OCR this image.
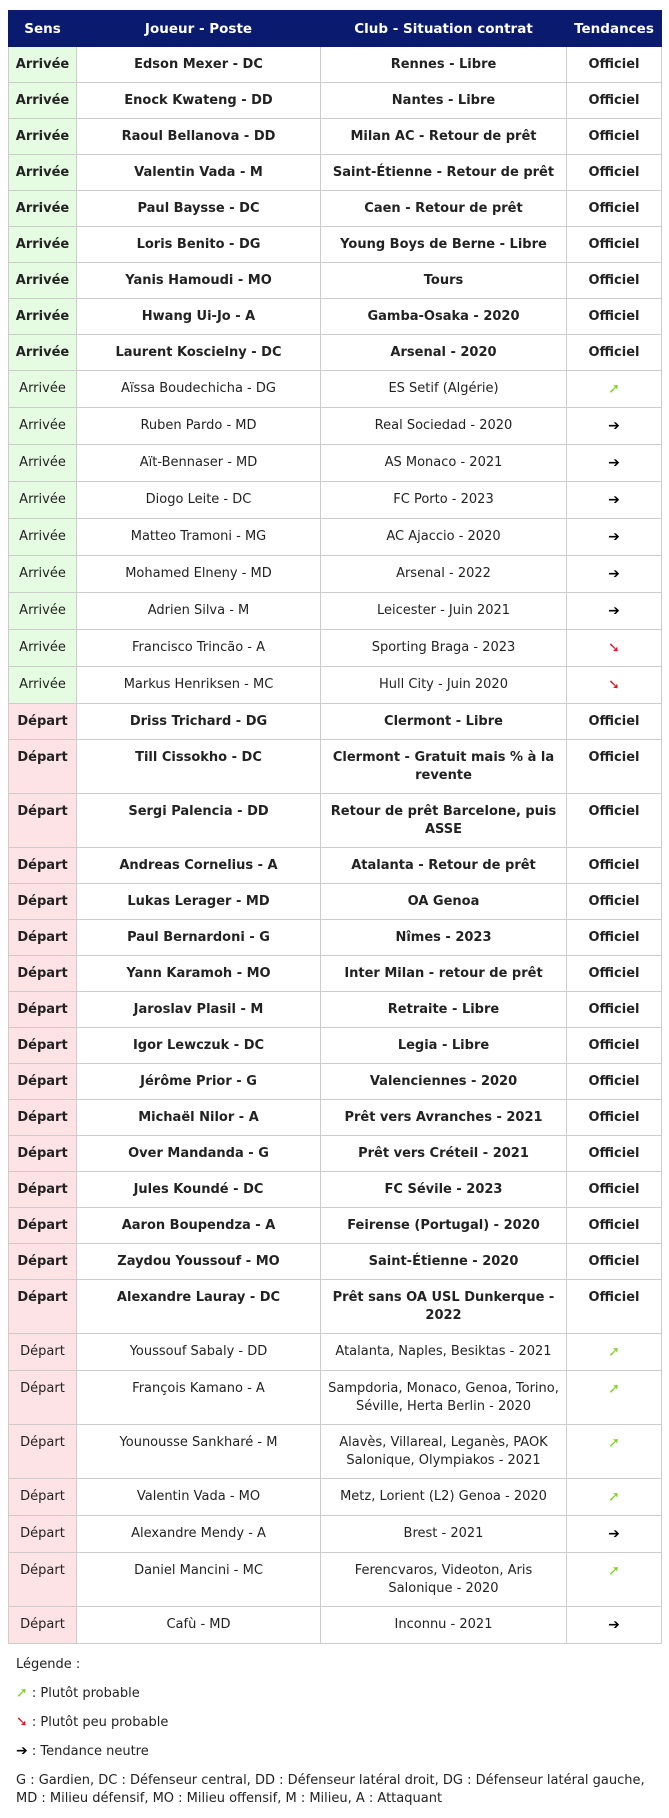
Sens	Joueur - Poste	Club - Situation contrat	Tendances
Arrivée	Edson Mexer - DC	Rennes - Libre	Officiel
Arrivée	Enock Kwateng - DD	Nantes - Libre	Officiel
Arrivée	Raoul Bellanova - DD	Milan AC - Retour de prêt	Officiel
Arrivée	Valentin Vada - M	Saint-Étienne - Retour de prêt	Officiel
Arrivée	Paul Baysse - DC	Caen - Retour de prêt	Officiel
Arrivée	Loris Benito - DG	Young Boys de Berne - Libre	Officiel
Arrivée	Yanis Hamoudi - MO	Tours	Officiel
Arrivée	Hwang Ui-Jo - A	Gamba-Osaka - 2020	Officiel
Arrivée	Laurent Koscielny - DC	Arsenal - 2020	Officiel
Arrivée	Aïssa Boudechicha - DG	ES Setif (Algérie)	➚
Arrivée	Ruben Pardo - MD	Real Sociedad - 2020	➔
Arrivée	Aït-Bennaser - MD	AS Monaco - 2021	➔
Arrivée	Diogo Leite - DC	FC Porto - 2023	➔
Arrivée	Matteo Tramoni - MG	AC Ajaccio - 2020	➔
Arrivée	Mohamed Elneny - MD	Arsenal - 2022	➔
Arrivée	Adrien Silva - M	Leicester - Juin 2021	➔
Arrivée	Francisco Trincão - A	Sporting Braga - 2023	➘
Arrivée	Markus Henriksen - MC	Hull City - Juin 2020	➘
Départ	Driss Trichard - DG	Clermont - Libre	Officiel
Départ	Till Cissokho - DC	Clermont - Gratuit mais % à la revente	Officiel
Départ	Sergi Palencia - DD	Retour de prêt Barcelone, puis ASSE	Officiel
Départ	Andreas Cornelius - A	Atalanta - Retour de prêt	Officiel
Départ	Lukas Lerager - MD	OA Genoa	Officiel
Départ	Paul Bernardoni - G	Nîmes - 2023	Officiel
Départ	Yann Karamoh - MO	Inter Milan - retour de prêt	Officiel
Départ	Jaroslav Plasil - M	Retraite - Libre	Officiel
Départ	Igor Lewczuk - DC	Legia - Libre	Officiel
Départ	Jérôme Prior - G	Valenciennes - 2020	Officiel
Départ	Michaël Nilor - A	Prêt vers Avranches - 2021	Officiel
Départ	Over Mandanda - G	Prêt vers Créteil - 2021	Officiel
Départ	Jules Koundé - DC	FC Sévile - 2023	Officiel
Départ	Aaron Boupendza - A	Feirense (Portugal) - 2020	Officiel
Départ	Zaydou Youssouf - MO	Saint-Étienne - 2020	Officiel
Départ	Alexandre Lauray - DC	Prêt sans OA USL Dunkerque - 2022	Officiel
Départ	Youssouf Sabaly - DD	Atalanta, Naples, Besiktas - 2021	➚
Départ	François Kamano - A	Sampdoria, Monaco, Genoa, Torino, Séville, Herta Berlin - 2020	➚
Départ	Younousse Sankharé - M	Alavès, Villareal, Leganès, PAOK Salonique, Olympiakos - 2021	➚
Départ	Valentin Vada - MO	Metz, Lorient (L2) Genoa - 2020	➚
Départ	Alexandre Mendy - A	Brest - 2021	➔
Départ	Daniel Mancini - MC	Ferencvaros, Videoton, Aris Salonique - 2020	➚
Départ	Cafù - MD	Inconnu - 2021	➔

Légende :

➚ : Plutôt probable

➘ : Plutôt peu probable

➔ : Tendance neutre

G : Gardien, DC : Défenseur central, DD : Défenseur latéral droit, DG : Défenseur latéral gauche, MD : Milieu défensif, MO : Milieu offensif, M : Milieu, A : Attaquant
